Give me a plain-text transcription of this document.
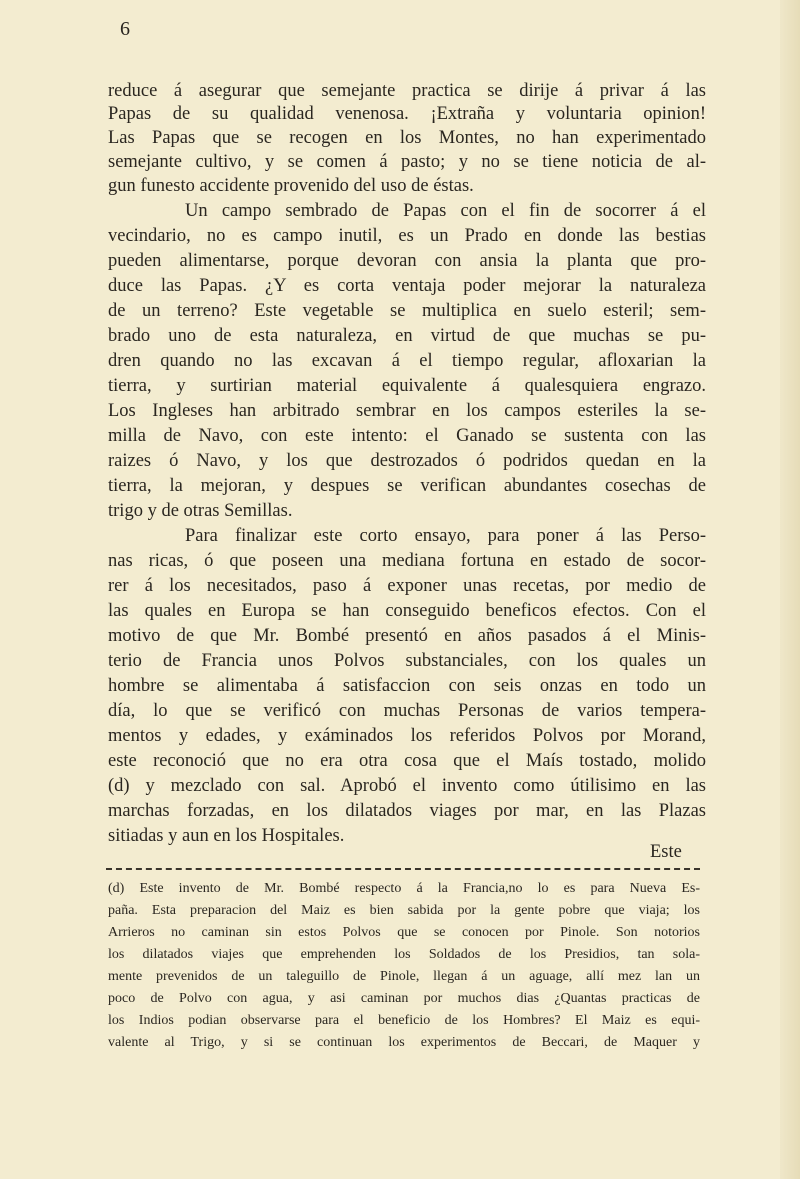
6
reduce á asegurar que semejante practica se dirije á privar á las
Papas de su qualidad venenosa. ¡Extraña y voluntaria opinion!
Las Papas que se recogen en los Montes, no han experimentado
semejante cultivo, y se comen á pasto; y no se tiene noticia de al-
gun funesto accidente provenido del uso de éstas.
Un campo sembrado de Papas con el fin de socorrer á el
vecindario, no es campo inutil, es un Prado en donde las bestias
pueden alimentarse, porque devoran con ansia la planta que pro-
duce las Papas. ¿Y es corta ventaja poder mejorar la naturaleza
de un terreno? Este vegetable se multiplica en suelo esteril; sem-
brado uno de esta naturaleza, en virtud de que muchas se pu-
dren quando no las excavan á el tiempo regular, afloxarian la
tierra, y surtirian material equivalente á qualesquiera engrazo.
Los Ingleses han arbitrado sembrar en los campos esteriles la se-
milla de Navo, con este intento: el Ganado se sustenta con las
raizes ó Navo, y los que destrozados ó podridos quedan en la
tierra, la mejoran, y despues se verifican abundantes cosechas de
trigo y de otras Semillas.
Para finalizar este corto ensayo, para poner á las Perso-
nas ricas, ó que poseen una mediana fortuna en estado de socor-
rer á los necesitados, paso á exponer unas recetas, por medio de
las quales en Europa se han conseguido beneficos efectos. Con el
motivo de que Mr. Bombé presentó en años pasados á el Minis-
terio de Francia unos Polvos substanciales, con los quales un
hombre se alimentaba á satisfaccion con seis onzas en todo un
día, lo que se verificó con muchas Personas de varios tempera-
mentos y edades, y exáminados los referidos Polvos por Morand,
este reconoció que no era otra cosa que el Maís tostado, molido
(d) y mezclado con sal. Aprobó el invento como útilisimo en las
marchas forzadas, en los dilatados viages por mar, en las Plazas
sitiadas y aun en los Hospitales.
Este
(d) Este invento de Mr. Bombé respecto á la Francia,no lo es para Nueva Es-
paña. Esta preparacion del Maiz es bien sabida por la gente pobre que viaja; los
Arrieros no caminan sin estos Polvos que se conocen por Pinole. Son notorios
los dilatados viajes que emprehenden los Soldados de los Presidios, tan sola-
mente prevenidos de un taleguillo de Pinole, llegan á un aguage, allí mez lan un
poco de Polvo con agua, y asi caminan por muchos dias ¿Quantas practicas de
los Indios podian observarse para el beneficio de los Hombres? El Maiz es equi-
valente al Trigo, y si se continuan los experimentos de Beccari, de Maquer y
